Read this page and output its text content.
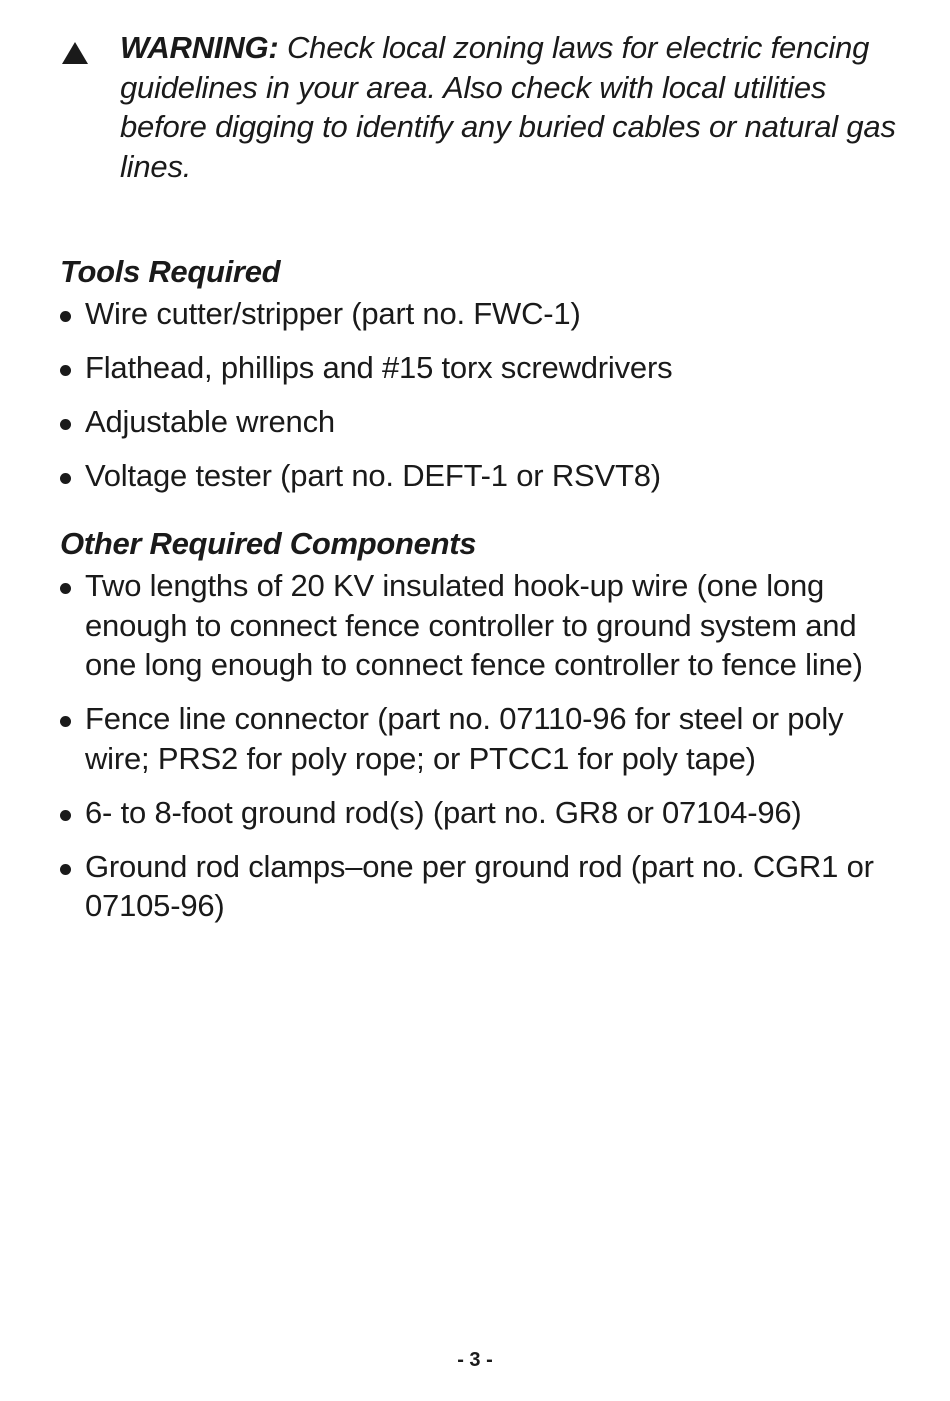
WARNING: Check local zoning laws for electric fencing guidelines in your area. Also check with local utilities before digging to identify any buried cables or natural gas lines.
Tools Required
Wire cutter/stripper (part no. FWC-1)
Flathead, phillips and #15 torx screwdrivers
Adjustable wrench
Voltage tester (part no. DEFT-1 or RSVT8)
Other Required Components
Two lengths of 20 KV insulated hook-up wire (one long enough to connect fence controller to ground system and one long enough to connect fence controller to fence line)
Fence line connector (part no. 07110-96 for steel or poly wire; PRS2 for poly rope; or PTCC1 for poly tape)
6- to 8-foot ground rod(s) (part no. GR8 or 07104-96)
Ground rod clamps–one per ground rod (part no. CGR1 or 07105-96)
- 3 -
